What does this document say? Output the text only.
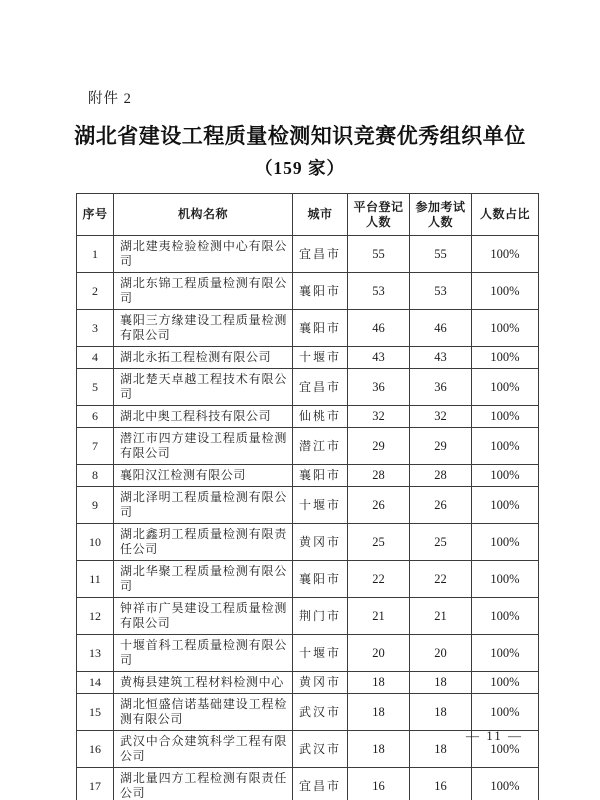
附件 2
湖北省建设工程质量检测知识竞赛优秀组织单位
（159 家）
序号	机构名称	城市	平台登记人数	参加考试人数	人数占比
1	湖北建夷检验检测中心有限公司	宜昌市	55	55	100%
2	湖北东锦工程质量检测有限公司	襄阳市	53	53	100%
3	襄阳三方缘建设工程质量检测有限公司	襄阳市	46	46	100%
4	湖北永拓工程检测有限公司	十堰市	43	43	100%
5	湖北楚天卓越工程技术有限公司	宜昌市	36	36	100%
6	湖北中奥工程科技有限公司	仙桃市	32	32	100%
7	潜江市四方建设工程质量检测有限公司	潜江市	29	29	100%
8	襄阳汉江检测有限公司	襄阳市	28	28	100%
9	湖北泽明工程质量检测有限公司	十堰市	26	26	100%
10	湖北鑫玥工程质量检测有限责任公司	黄冈市	25	25	100%
11	湖北华聚工程质量检测有限公司	襄阳市	22	22	100%
12	钟祥市广昊建设工程质量检测有限公司	荆门市	21	21	100%
13	十堰首科工程质量检测有限公司	十堰市	20	20	100%
14	黄梅县建筑工程材料检测中心	黄冈市	18	18	100%
15	湖北恒盛信诺基础建设工程检测有限公司	武汉市	18	18	100%
16	武汉中合众建筑科学工程有限公司	武汉市	18	18	100%
17	湖北量四方工程检测有限责任公司	宜昌市	16	16	100%
— 11 —
